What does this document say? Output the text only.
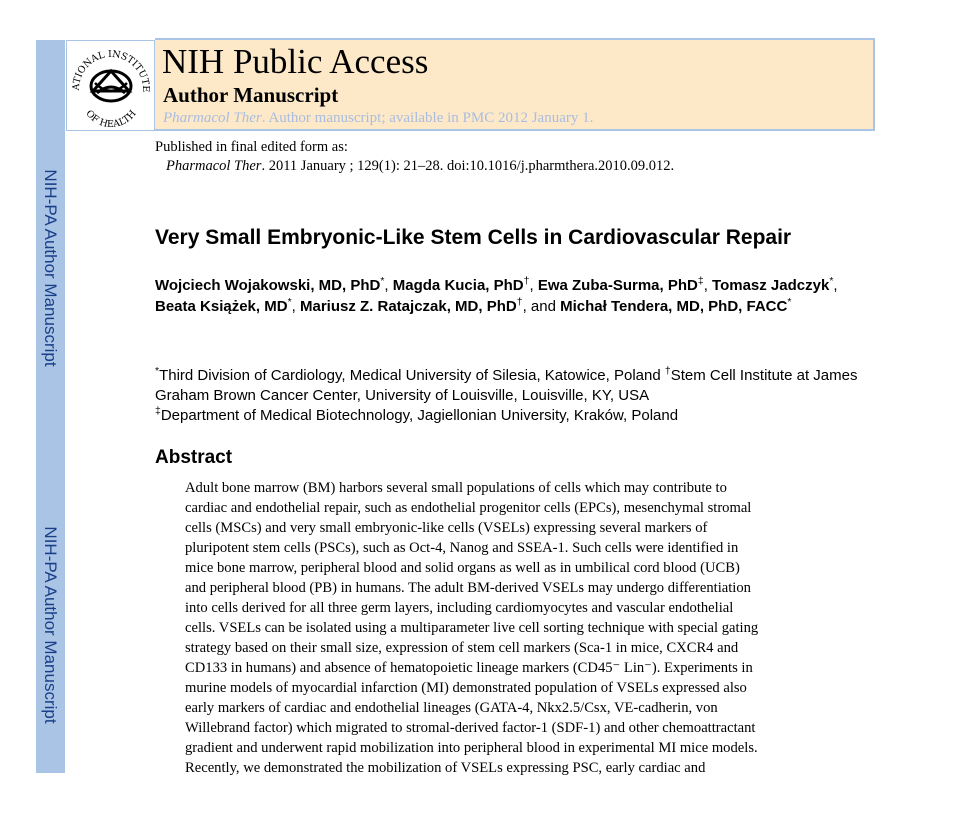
NIH-PA Author Manuscript
NIH-PA Author Manuscript
ATIONAL INSTITUTE
OF HEALTH
NIH Public Access
Author Manuscript
Pharmacol Ther. Author manuscript; available in PMC 2012 January 1.
Published in final edited form as:
Pharmacol Ther. 2011 January ; 129(1): 21–28. doi:10.1016/j.pharmthera.2010.09.012.
Very Small Embryonic-Like Stem Cells in Cardiovascular Repair
Wojciech Wojakowski, MD, PhD*, Magda Kucia, PhD†, Ewa Zuba-Surma, PhD‡, Tomasz Jadczyk*, Beata Książek, MD*, Mariusz Z. Ratajczak, MD, PhD†, and Michał Tendera, MD, PhD, FACC*
*Third Division of Cardiology, Medical University of Silesia, Katowice, Poland †Stem Cell Institute at James Graham Brown Cancer Center, University of Louisville, Louisville, KY, USA
‡Department of Medical Biotechnology, Jagiellonian University, Kraków, Poland
Abstract
Adult bone marrow (BM) harbors several small populations of cells which may contribute to
cardiac and endothelial repair, such as endothelial progenitor cells (EPCs), mesenchymal stromal
cells (MSCs) and very small embryonic-like cells (VSELs) expressing several markers of
pluripotent stem cells (PSCs), such as Oct-4, Nanog and SSEA-1. Such cells were identified in
mice bone marrow, peripheral blood and solid organs as well as in umbilical cord blood (UCB)
and peripheral blood (PB) in humans. The adult BM-derived VSELs may undergo differentiation
into cells derived for all three germ layers, including cardiomyocytes and vascular endothelial
cells. VSELs can be isolated using a multiparameter live cell sorting technique with special gating
strategy based on their small size, expression of stem cell markers (Sca-1 in mice, CXCR4 and
CD133 in humans) and absence of hematopoietic lineage markers (CD45⁻ Lin⁻). Experiments in
murine models of myocardial infarction (MI) demonstrated population of VSELs expressed also
early markers of cardiac and endothelial lineages (GATA-4, Nkx2.5/Csx, VE-cadherin, von
Willebrand factor) which migrated to stromal-derived factor-1 (SDF-1) and other chemoattractant
gradient and underwent rapid mobilization into peripheral blood in experimental MI mice models.
Recently, we demonstrated the mobilization of VSELs expressing PSC, early cardiac and
